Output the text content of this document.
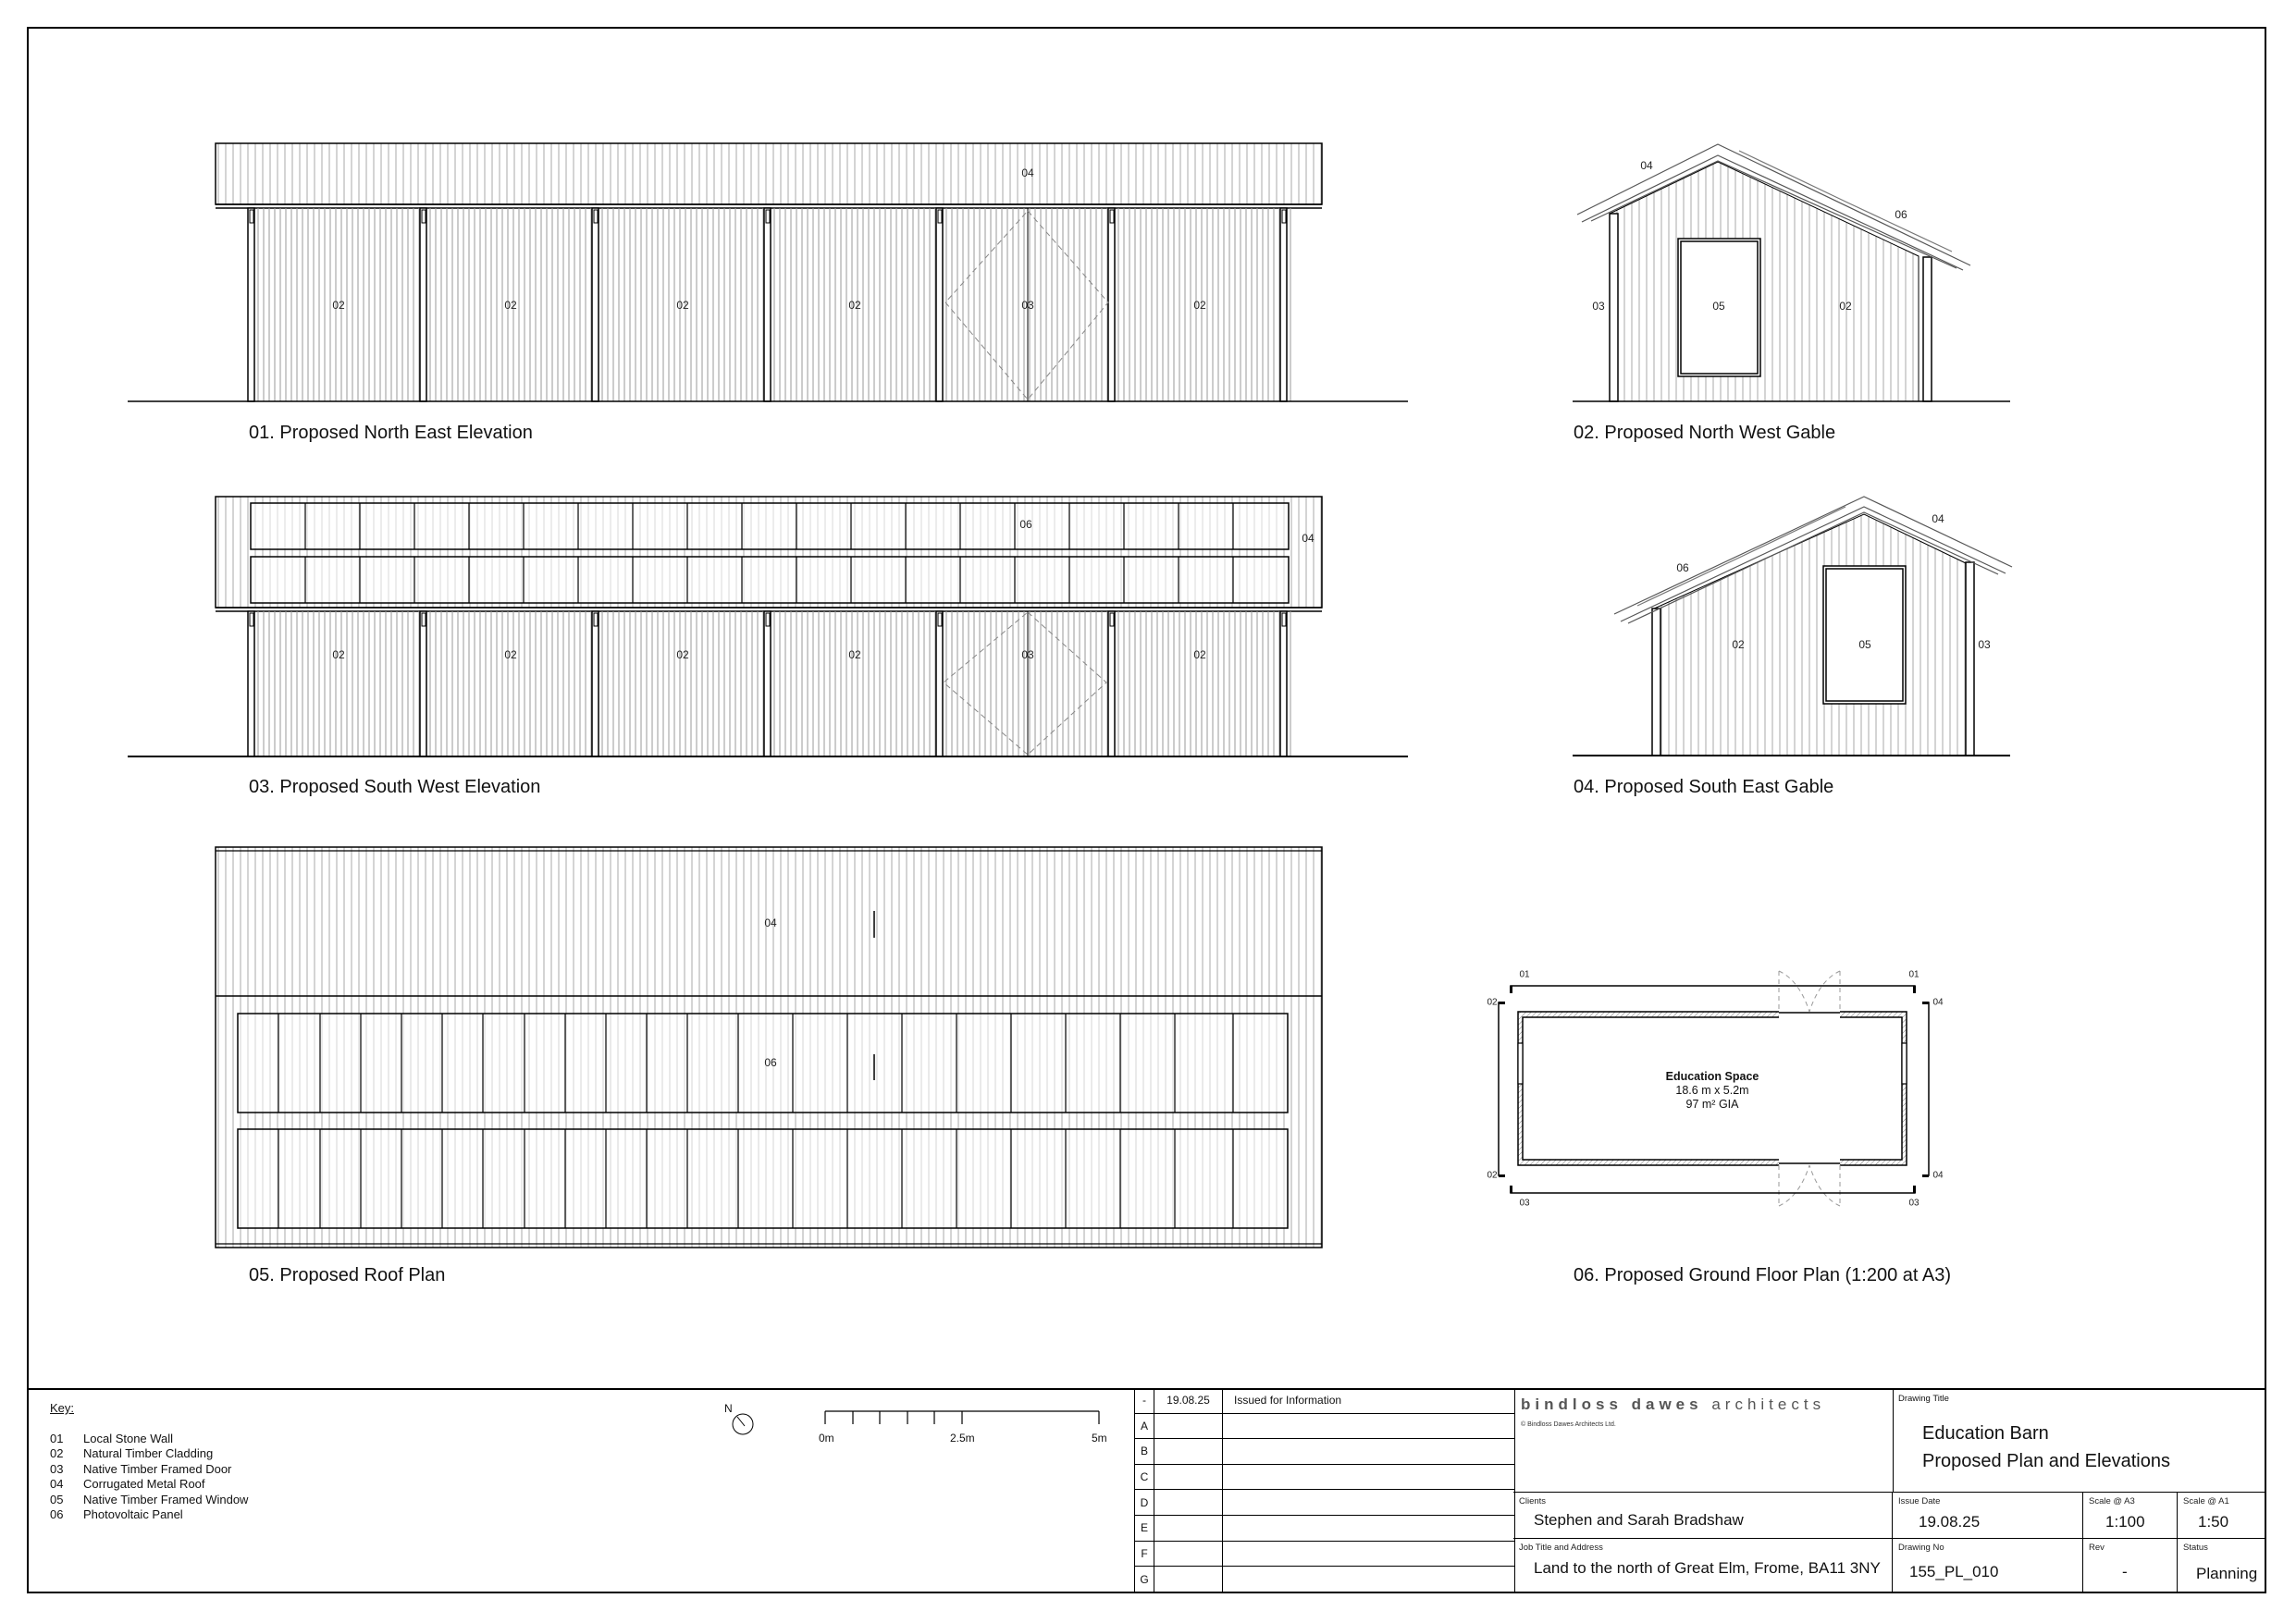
04
02	02	02	02	03	02
01. Proposed North East Elevation
04
06
03	05	02
02. Proposed North West Gable
06
04
02	02	02	02	03	02
03. Proposed South West Elevation
06
04
02	05	03
04. Proposed South East Gable
04
06
05. Proposed Roof Plan
01	01
02
02
04
04
03	03
Education Space
18.6 m x 5.2m
97 m² GIA
06. Proposed Ground Floor Plan (1:200 at A3)
Key:
01	Local Stone Wall
02	Natural Timber Cladding
03	Native Timber Framed Door
04	Corrugated Metal Roof
05	Native Timber Framed Window
06	Photovoltaic Panel
N
0m	2.5m	5m
-	19.08.25	Issued for Information
A
B
C
D
E
F
G
bindloss dawes architects
© Bindloss Dawes Architects Ltd.
Clients
Stephen and Sarah Bradshaw
Job Title and Address
Land to the north of Great Elm, Frome, BA11 3NY
Drawing Title
Education Barn
Proposed Plan and Elevations
Issue Date
19.08.25
Scale @ A3
1:100
Scale @ A1
1:50
Drawing No
155_PL_010
Rev
-
Status
Planning
